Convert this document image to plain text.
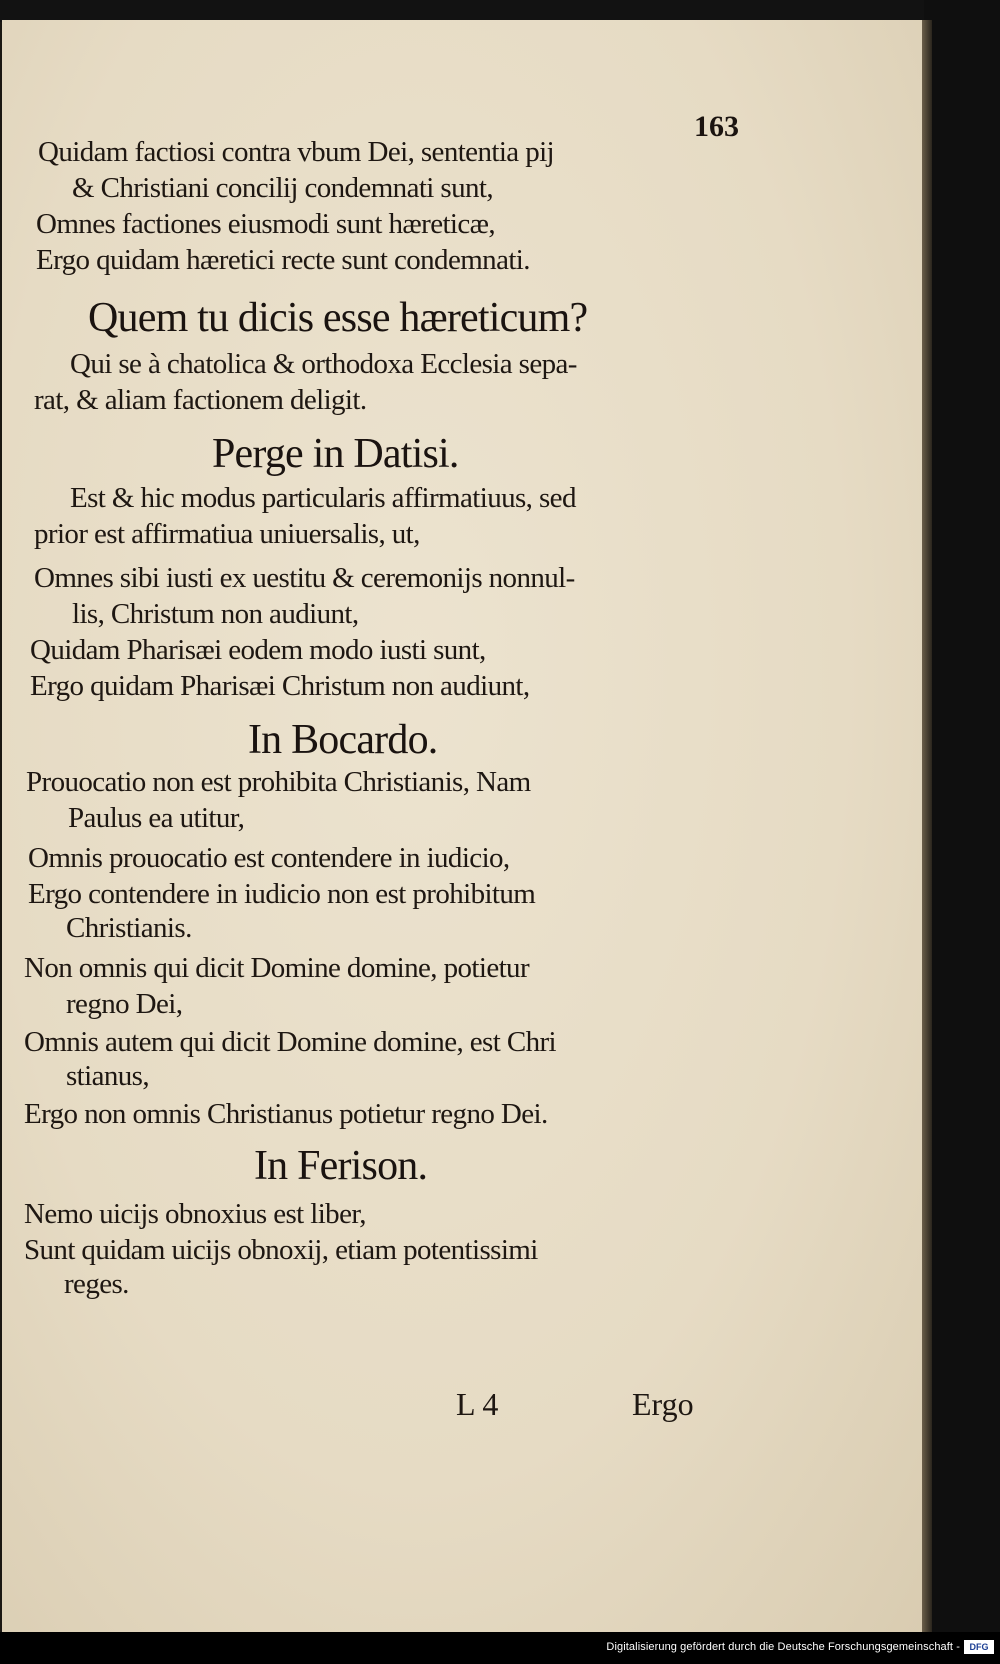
163
Quidam factiosi contra vbum Dei, sententia pij
& Christiani concilij condemnati sunt,
Omnes factiones eiusmodi sunt hæreticæ,
Ergo quidam hæretici recte sunt condemnati.
Quem tu dicis esse hæreticum?
Qui se à chatolica & orthodoxa Ecclesia sepa-
rat, & aliam factionem deligit.
Perge in Datisi.
Est & hic modus particularis affirmatiuus, sed
prior est affirmatiua uniuersalis, ut,
Omnes sibi iusti ex uestitu & ceremonijs nonnul-
lis, Christum non audiunt,
Quidam Pharisæi eodem modo iusti sunt,
Ergo quidam Pharisæi Christum non audiunt,
In Bocardo.
Prouocatio non est prohibita Christianis, Nam
Paulus ea utitur,
Omnis prouocatio est contendere in iudicio,
Ergo contendere in iudicio non est prohibitum
Christianis.
Non omnis qui dicit Domine domine, potietur
regno Dei,
Omnis autem qui dicit Domine domine, est Chri
stianus,
Ergo non omnis Christianus potietur regno Dei.
In Ferison.
Nemo uicijs obnoxius est liber,
Sunt quidam uicijs obnoxij, etiam potentissimi
reges.
L 4	Ergo
Digitalisierung gefördert durch die Deutsche Forschungsgemeinschaft -	DFG
